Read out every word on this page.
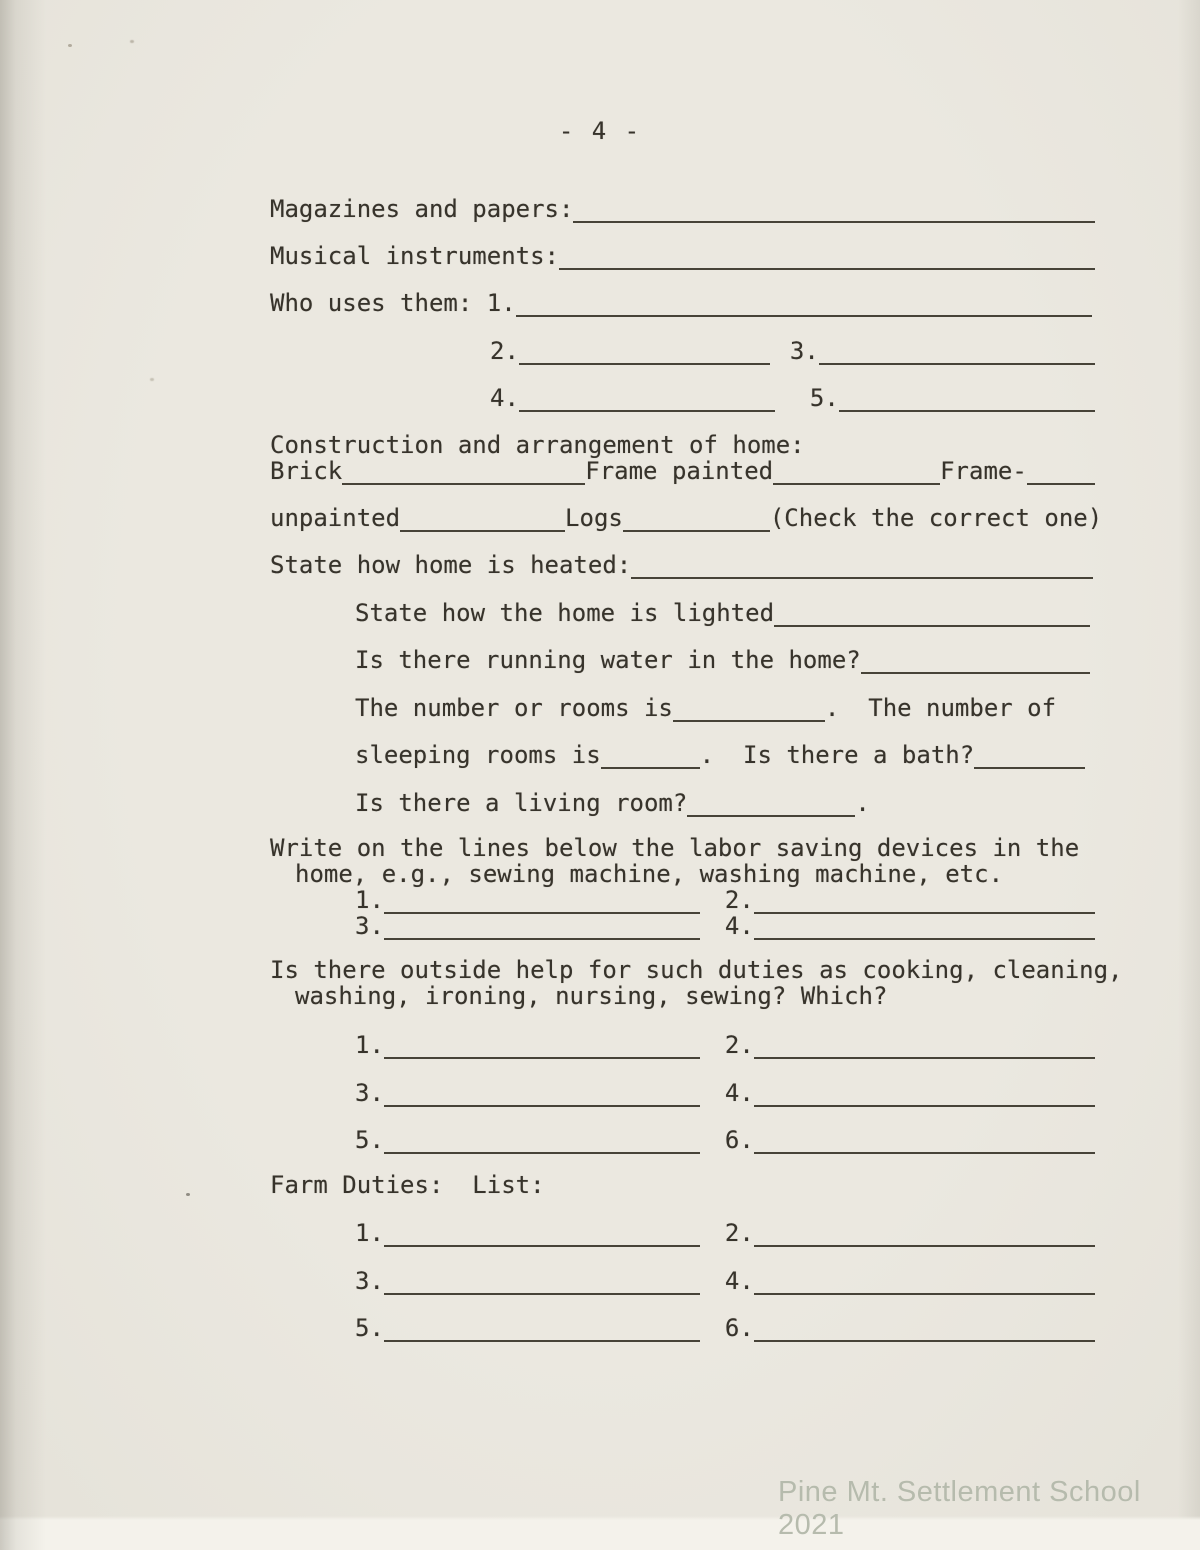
- 4 -
Magazines and papers:
Musical instruments:
Who uses them: 1.
2.	3.
4.	5.
Construction and arrangement of home:
Brick	Frame painted	Frame-
unpainted	Logs	(Check the correct one)
State how home is heated:
State how the home is lighted
Is there running water in the home?
The number or rooms is	.  The number of
sleeping rooms is	.  Is there a bath?
Is there a living room?	.
Write on the lines below the labor saving devices in the
home, e.g., sewing machine, washing machine, etc.
1.	2.
3.	4.
Is there outside help for such duties as cooking, cleaning,
washing, ironing, nursing, sewing? Which?
1.	2.
3.	4.
5.	6.
Farm Duties:  List:
1.	2.
3.	4.
5.	6.
Pine Mt. Settlement School 2021
